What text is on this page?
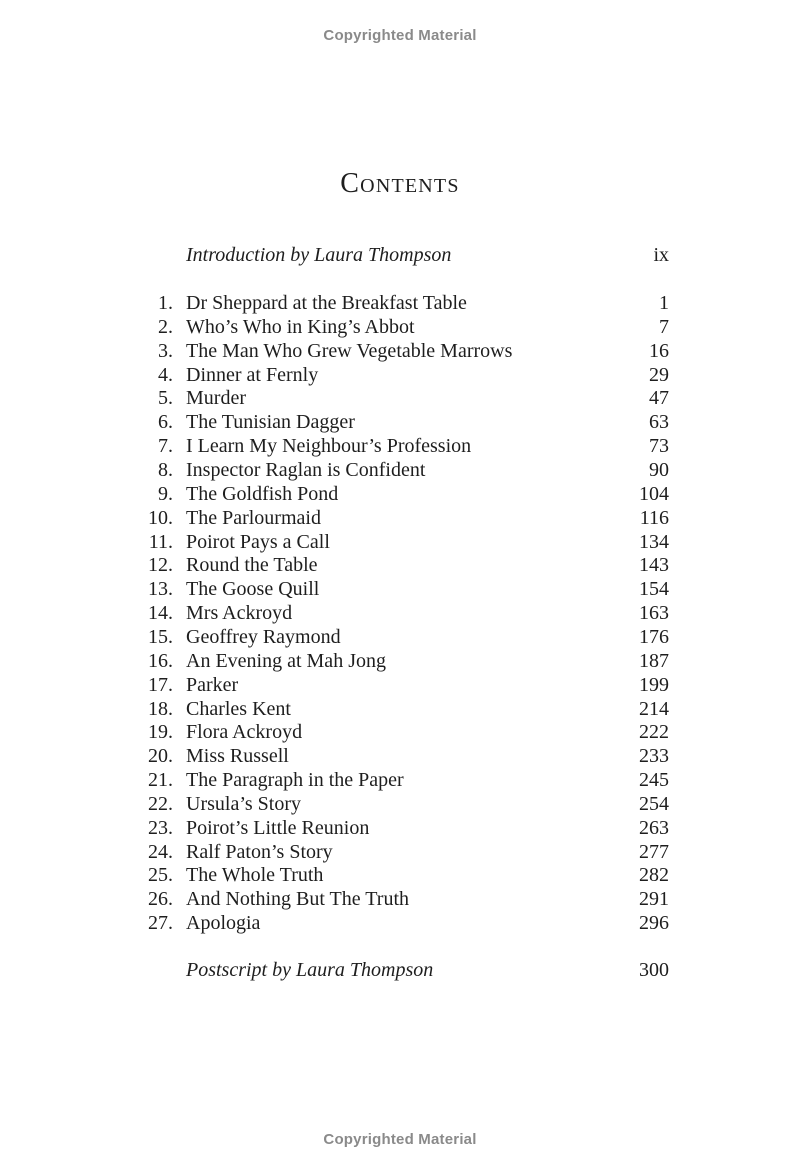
Copyrighted Material
Contents
Introduction by Laura Thompson	ix
1. Dr Sheppard at the Breakfast Table	1
2. Who’s Who in King’s Abbot	7
3. The Man Who Grew Vegetable Marrows	16
4. Dinner at Fernly	29
5. Murder	47
6. The Tunisian Dagger	63
7. I Learn My Neighbour’s Profession	73
8. Inspector Raglan is Confident	90
9. The Goldfish Pond	104
10. The Parlourmaid	116
11. Poirot Pays a Call	134
12. Round the Table	143
13. The Goose Quill	154
14. Mrs Ackroyd	163
15. Geoffrey Raymond	176
16. An Evening at Mah Jong	187
17. Parker	199
18. Charles Kent	214
19. Flora Ackroyd	222
20. Miss Russell	233
21. The Paragraph in the Paper	245
22. Ursula’s Story	254
23. Poirot’s Little Reunion	263
24. Ralf Paton’s Story	277
25. The Whole Truth	282
26. And Nothing But The Truth	291
27. Apologia	296
Postscript by Laura Thompson	300
Copyrighted Material
